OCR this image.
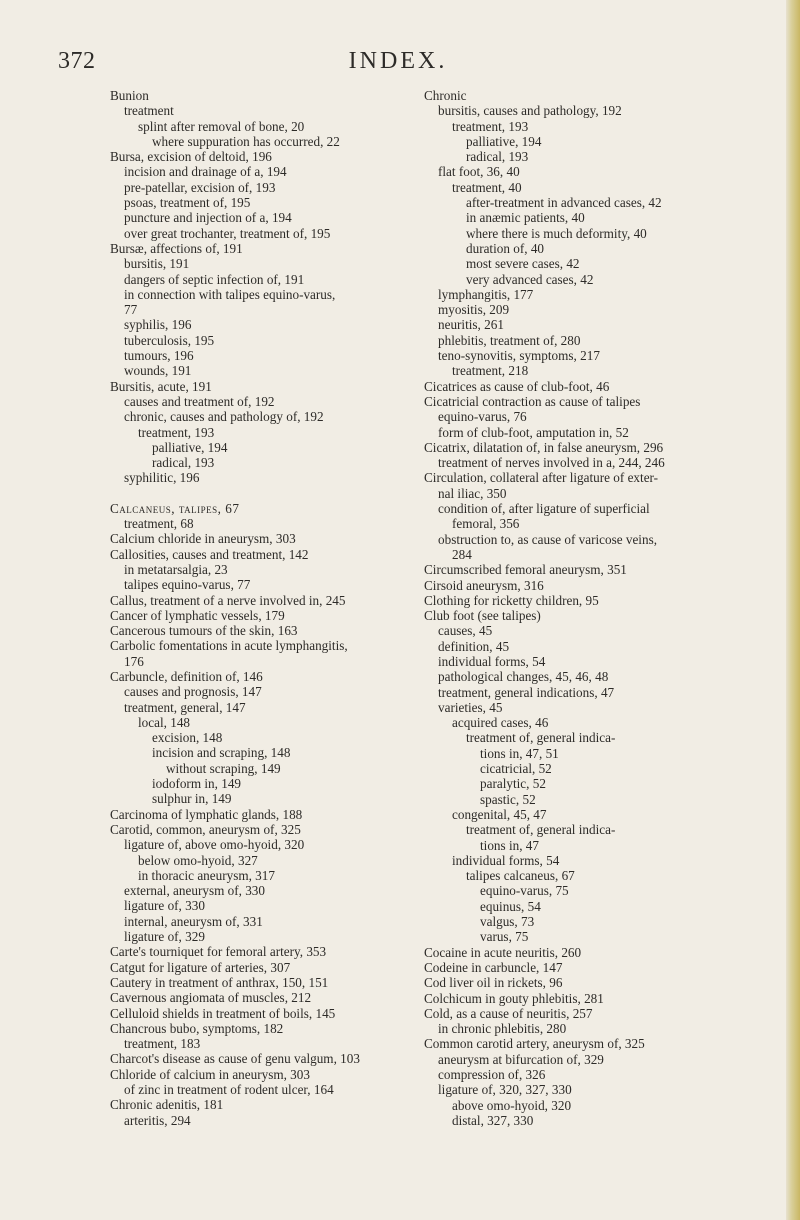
372	INDEX.
Bunion
treatment
splint after removal of bone, 20
where suppuration has occurred, 22
Bursa, excision of deltoid, 196
incision and drainage of a, 194
pre-patellar, excision of, 193
psoas, treatment of, 195
puncture and injection of a, 194
over great trochanter, treatment of, 195
Bursæ, affections of, 191
bursitis, 191
dangers of septic infection of, 191
in connection with talipes equino-varus,
77
syphilis, 196
tuberculosis, 195
tumours, 196
wounds, 191
Bursitis, acute, 191
causes and treatment of, 192
chronic, causes and pathology of, 192
treatment, 193
palliative, 194
radical, 193
syphilitic, 196
Calcaneus, talipes, 67
treatment, 68
Calcium chloride in aneurysm, 303
Callosities, causes and treatment, 142
in metatarsalgia, 23
talipes equino-varus, 77
Callus, treatment of a nerve involved in, 245
Cancer of lymphatic vessels, 179
Cancerous tumours of the skin, 163
Carbolic fomentations in acute lymphangitis,
176
Carbuncle, definition of, 146
causes and prognosis, 147
treatment, general, 147
local, 148
excision, 148
incision and scraping, 148
without scraping, 149
iodoform in, 149
sulphur in, 149
Carcinoma of lymphatic glands, 188
Carotid, common, aneurysm of, 325
ligature of, above omo-hyoid, 320
below omo-hyoid, 327
in thoracic aneurysm, 317
external, aneurysm of, 330
ligature of, 330
internal, aneurysm of, 331
ligature of, 329
Carte's tourniquet for femoral artery, 353
Catgut for ligature of arteries, 307
Cautery in treatment of anthrax, 150, 151
Cavernous angiomata of muscles, 212
Celluloid shields in treatment of boils, 145
Chancrous bubo, symptoms, 182
treatment, 183
Charcot's disease as cause of genu valgum, 103
Chloride of calcium in aneurysm, 303
of zinc in treatment of rodent ulcer, 164
Chronic adenitis, 181
arteritis, 294
Chronic
bursitis, causes and pathology, 192
treatment, 193
palliative, 194
radical, 193
flat foot, 36, 40
treatment, 40
after-treatment in advanced cases, 42
in anæmic patients, 40
where there is much deformity, 40
duration of, 40
most severe cases, 42
very advanced cases, 42
lymphangitis, 177
myositis, 209
neuritis, 261
phlebitis, treatment of, 280
teno-synovitis, symptoms, 217
treatment, 218
Cicatrices as cause of club-foot, 46
Cicatricial contraction as cause of talipes
equino-varus, 76
form of club-foot, amputation in, 52
Cicatrix, dilatation of, in false aneurysm, 296
treatment of nerves involved in a, 244, 246
Circulation, collateral after ligature of exter-
nal iliac, 350
condition of, after ligature of superficial
femoral, 356
obstruction to, as cause of varicose veins,
284
Circumscribed femoral aneurysm, 351
Cirsoid aneurysm, 316
Clothing for ricketty children, 95
Club foot (see talipes)
causes, 45
definition, 45
individual forms, 54
pathological changes, 45, 46, 48
treatment, general indications, 47
varieties, 45
acquired cases, 46
treatment of, general indica-
tions in, 47, 51
cicatricial, 52
paralytic, 52
spastic, 52
congenital, 45, 47
treatment of, general indica-
tions in, 47
individual forms, 54
talipes calcaneus, 67
equino-varus, 75
equinus, 54
valgus, 73
varus, 75
Cocaine in acute neuritis, 260
Codeine in carbuncle, 147
Cod liver oil in rickets, 96
Colchicum in gouty phlebitis, 281
Cold, as a cause of neuritis, 257
in chronic phlebitis, 280
Common carotid artery, aneurysm of, 325
aneurysm at bifurcation of, 329
compression of, 326
ligature of, 320, 327, 330
above omo-hyoid, 320
distal, 327, 330
